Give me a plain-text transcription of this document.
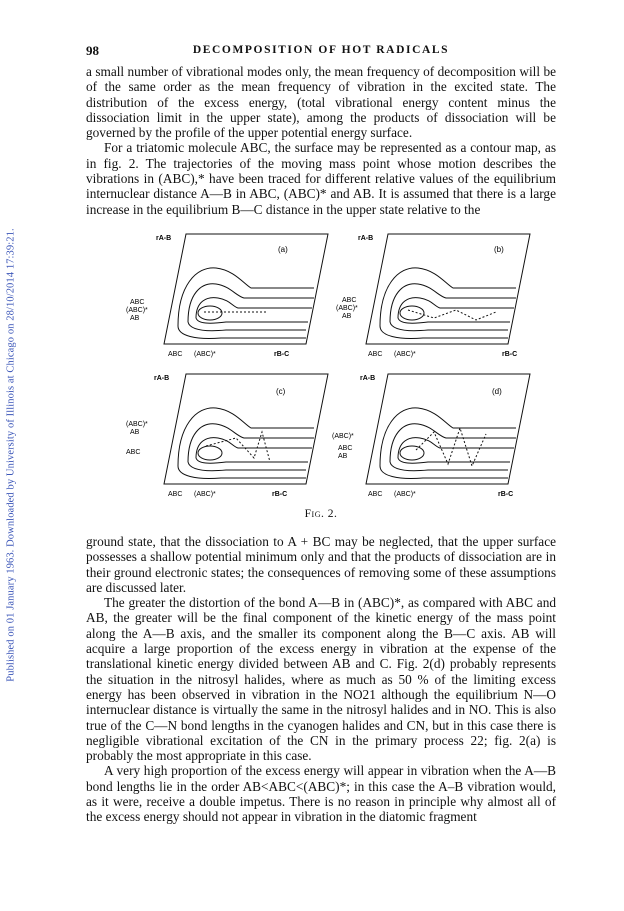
Published on 01 January 1963. Downloaded by University of Illinois at Chicago on 28/10/2014 17:39:21.
98	DECOMPOSITION OF HOT RADICALS

a small number of vibrational modes only, the mean frequency of decomposition will be of the same order as the mean frequency of vibration in the excited state. The distribution of the excess energy, (total vibrational energy content minus the dissociation limit in the upper state), among the products of dissociation will be governed by the profile of the upper potential energy surface.

For a triatomic molecule ABC, the surface may be represented as a contour map, as in fig. 2. The trajectories of the moving mass point whose motion describes the vibrations in (ABC),* have been traced for different relative values of the equilibrium internuclear distance A—B in ABC, (ABC)* and AB. It is assumed that there is a large increase in the equilibrium B—C distance in the upper state relative to the

(a)
rA-B
rB-C
ABC
(ABC)*
AB
ABC (ABC)*
(b)
rA-B
rB-C
ABC
(ABC)*
AB
ABC (ABC)*
(c)
rA-B
rB-C
(ABC)*
AB
ABC
ABC (ABC)*
(d)
rA-B
rB-C
(ABC)*
ABC
AB
ABC (ABC)*
Fig. 2.

ground state, that the dissociation to A + BC may be neglected, that the upper surface possesses a shallow potential minimum only and that the products of dissociation are in their ground electronic states; the consequences of removing some of these assumptions are discussed later.

The greater the distortion of the bond A—B in (ABC)*, as compared with ABC and AB, the greater will be the final component of the kinetic energy of the mass point along the A—B axis, and the smaller its component along the B—C axis. AB will acquire a large proportion of the excess energy in vibration at the expense of the translational kinetic energy divided between AB and C. Fig. 2(d) probably represents the situation in the nitrosyl halides, where as much as 50 % of the limiting excess energy has been observed in vibration in the NO21 although the equilibrium N—O internuclear distance is virtually the same in the nitrosyl halides and in NO. This is also true of the C—N bond lengths in the cyanogen halides and CN, but in this case there is negligible vibrational excitation of the CN in the primary process 22; fig. 2(a) is probably the most appropriate in this case.

A very high proportion of the excess energy will appear in vibration when the A—B bond lengths lie in the order AB<ABC<(ABC)*; in this case the A–B vibration would, as it were, receive a double impetus. There is no reason in principle why almost all of the excess energy should not appear in vibration in the diatomic fragment
